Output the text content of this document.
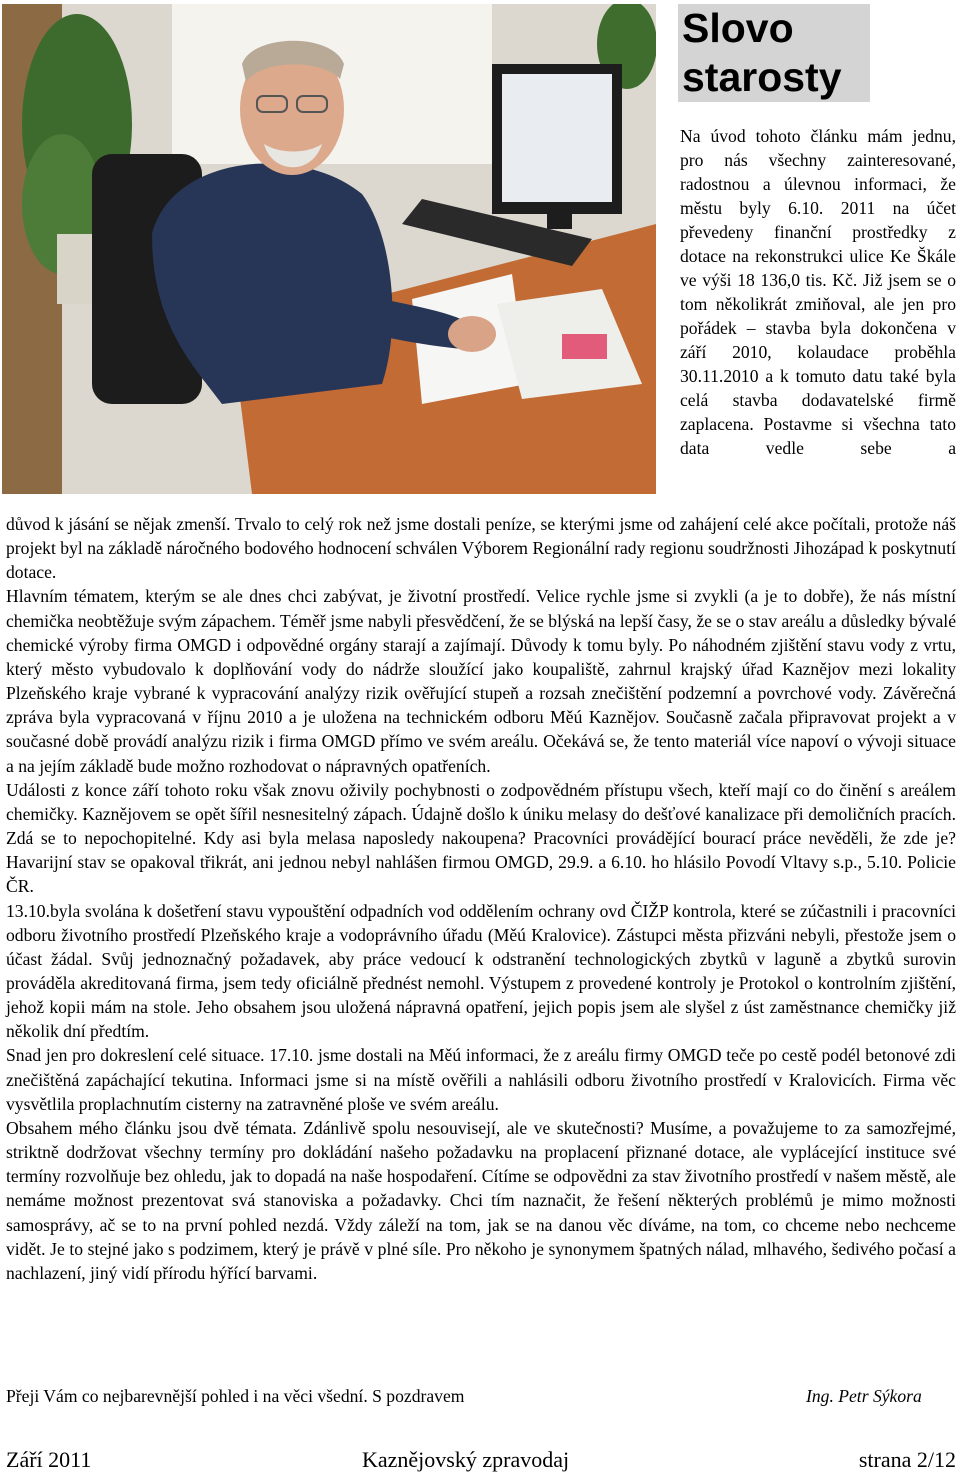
Slovo
starosty

Na úvod tohoto článku mám jednu, pro nás všechny zainteresované, radostnou a úlevnou informaci, že městu byly 6.10. 2011 na účet převedeny finanční prostředky z dotace na rekonstrukci ulice Ke Škále ve výši 18 136,0 tis. Kč. Již jsem se o tom několikrát zmiňoval, ale jen pro pořádek – stavba byla dokončena v září 2010, kolaudace proběhla 30.11.2010 a k tomuto datu také byla celá stavba dodavatelské firmě zaplacena. Postavme si všechna tato data vedle sebe a

důvod k jásání se nějak zmenší. Trvalo to celý rok než jsme dostali peníze, se kterými jsme od zahájení celé akce počítali, protože náš projekt byl na základě náročného bodového hodnocení schválen Výborem Regionální rady regionu soudržnosti Jihozápad k poskytnutí dotace.

Hlavním tématem, kterým se ale dnes chci zabývat, je životní prostředí. Velice rychle jsme si zvykli (a je to dobře), že nás místní chemička neobtěžuje svým zápachem. Téměř jsme nabyli přesvědčení, že se blýská na lepší časy, že se o stav areálu a důsledky bývalé chemické výroby firma OMGD i odpovědné orgány starají a zajímají. Důvody k tomu byly. Po náhodném zjištění stavu vody z vrtu, který město vybudovalo k doplňování vody do nádrže sloužící jako koupaliště, zahrnul krajský úřad Kaznějov mezi lokality Plzeňského kraje vybrané k vypracování analýzy rizik ověřující stupeň a rozsah znečištění podzemní a povrchové vody. Závěrečná zpráva byla vypracovaná v říjnu 2010 a je uložena na technickém odboru Měú Kaznějov. Současně začala připravovat projekt a v současné době provádí analýzu rizik i firma OMGD přímo ve svém areálu. Očekává se, že tento materiál více napoví o vývoji situace a na jejím základě bude možno rozhodovat o nápravných opatřeních.

Události z konce září tohoto roku však znovu oživily pochybnosti o zodpovědném přístupu všech, kteří mají co do činění s areálem chemičky. Kaznějovem se opět šířil nesnesitelný zápach. Údajně došlo k úniku melasy do dešťové kanalizace při demoličních pracích. Zdá se to nepochopitelné. Kdy asi byla melasa naposledy nakoupena? Pracovníci provádějící bourací práce nevěděli, že zde je? Havarijní stav se opakoval třikrát, ani jednou nebyl nahlášen firmou OMGD, 29.9. a 6.10. ho hlásilo Povodí Vltavy s.p., 5.10. Policie ČR.

13.10.byla svolána k došetření stavu vypouštění odpadních vod oddělením ochrany ovd ČIŽP kontrola, které se zúčastnili i pracovníci odboru životního prostředí Plzeňského kraje a vodoprávního úřadu (Měú Kralovice). Zástupci města přizváni nebyli, přestože jsem o účast žádal. Svůj jednoznačný požadavek, aby práce vedoucí k odstranění technologických zbytků v laguně a zbytků surovin prováděla akreditovaná firma, jsem tedy oficiálně přednést nemohl. Výstupem z provedené kontroly je Protokol o kontrolním zjištění, jehož kopii mám na stole. Jeho obsahem jsou uložená nápravná opatření, jejich popis jsem ale slyšel z úst zaměstnance chemičky již několik dní předtím.

Snad jen pro dokreslení celé situace. 17.10. jsme dostali na Měú informaci, že z areálu firmy OMGD teče po cestě podél betonové zdi znečištěná zapáchající tekutina. Informaci jsme si na místě ověřili a nahlásili odboru životního prostředí v Kralovicích. Firma věc vysvětlila proplachnutím cisterny na zatravněné ploše ve svém areálu.

Obsahem mého článku jsou dvě témata. Zdánlivě spolu nesouvisejí, ale ve skutečnosti? Musíme, a považujeme to za samozřejmé, striktně dodržovat všechny termíny pro dokládání našeho požadavku na proplacení přiznané dotace, ale vyplácející instituce své termíny rozvolňuje bez ohledu, jak to dopadá na naše hospodaření. Cítíme se odpovědni za stav životního prostředí v našem městě, ale nemáme možnost prezentovat svá stanoviska a požadavky. Chci tím naznačit, že řešení některých problémů je mimo možnosti samosprávy, ač se to na první pohled nezdá. Vždy záleží na tom, jak se na danou věc díváme, na tom, co chceme nebo nechceme vidět. Je to stejné jako s podzimem, který je právě v plné síle. Pro někoho je synonymem špatných nálad, mlhavého, šedivého počasí a nachlazení, jiný vidí přírodu hýřící barvami.

Přeji Vám co nejbarevnější pohled i na věci všední. S pozdravem	Ing. Petr Sýkora
Září 2011	Kaznějovský zpravodaj	strana 2/12
